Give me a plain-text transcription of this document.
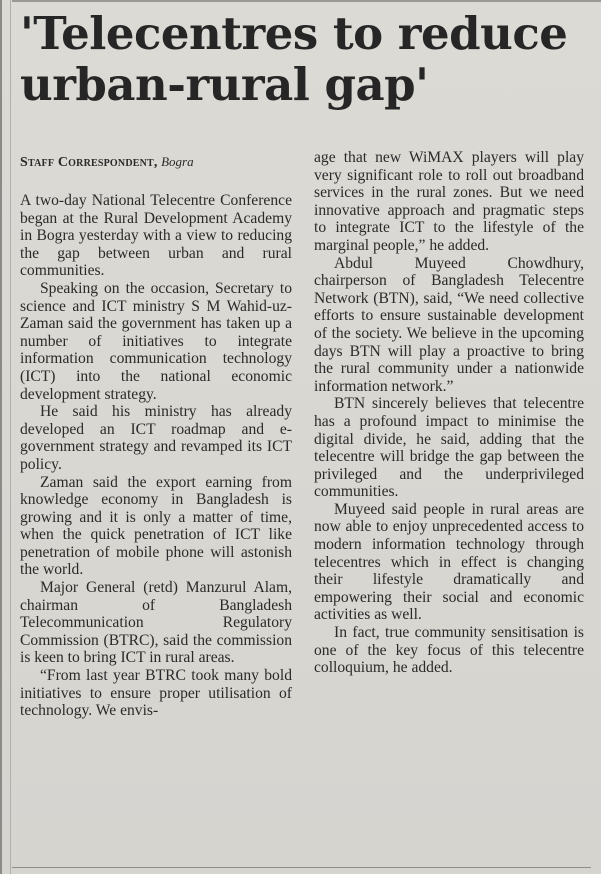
'Telecentres to reduce urban-rural gap'
Staff Correspondent, Bogra

A two-day National Telecentre Conference began at the Rural Development Academy in Bogra yesterday with a view to reducing the gap between urban and rural communities.

Speaking on the occasion, Secretary to science and ICT ministry S M Wahid-uz-Zaman said the government has taken up a number of initiatives to integrate information communication technology (ICT) into the national economic development strategy.

He said his ministry has already developed an ICT roadmap and e-government strategy and revamped its ICT policy.

Zaman said the export earning from knowledge economy in Bangladesh is growing and it is only a matter of time, when the quick penetration of ICT like penetration of mobile phone will astonish the world.

Major General (retd) Manzurul Alam, chairman of Bangladesh Telecommunication Regulatory Commission (BTRC), said the commission is keen to bring ICT in rural areas.

“From last year BTRC took many bold initiatives to ensure proper utilisation of technology. We envis-

age that new WiMAX players will play very significant role to roll out broadband services in the rural zones. But we need innovative approach and pragmatic steps to integrate ICT to the lifestyle of the marginal people,” he added.

Abdul Muyeed Chowdhury, chairperson of Bangladesh Telecentre Network (BTN), said, “We need collective efforts to ensure sustainable development of the society. We believe in the upcoming days BTN will play a proactive to bring the rural community under a nationwide information network.”

BTN sincerely believes that telecentre has a profound impact to minimise the digital divide, he said, adding that the telecentre will bridge the gap between the privileged and the underprivileged communities.

Muyeed said people in rural areas are now able to enjoy unprecedented access to modern information technology through telecentres which in effect is changing their lifestyle dramatically and empowering their social and economic activities as well.

In fact, true community sensitisation is one of the key focus of this telecentre colloquium, he added.
